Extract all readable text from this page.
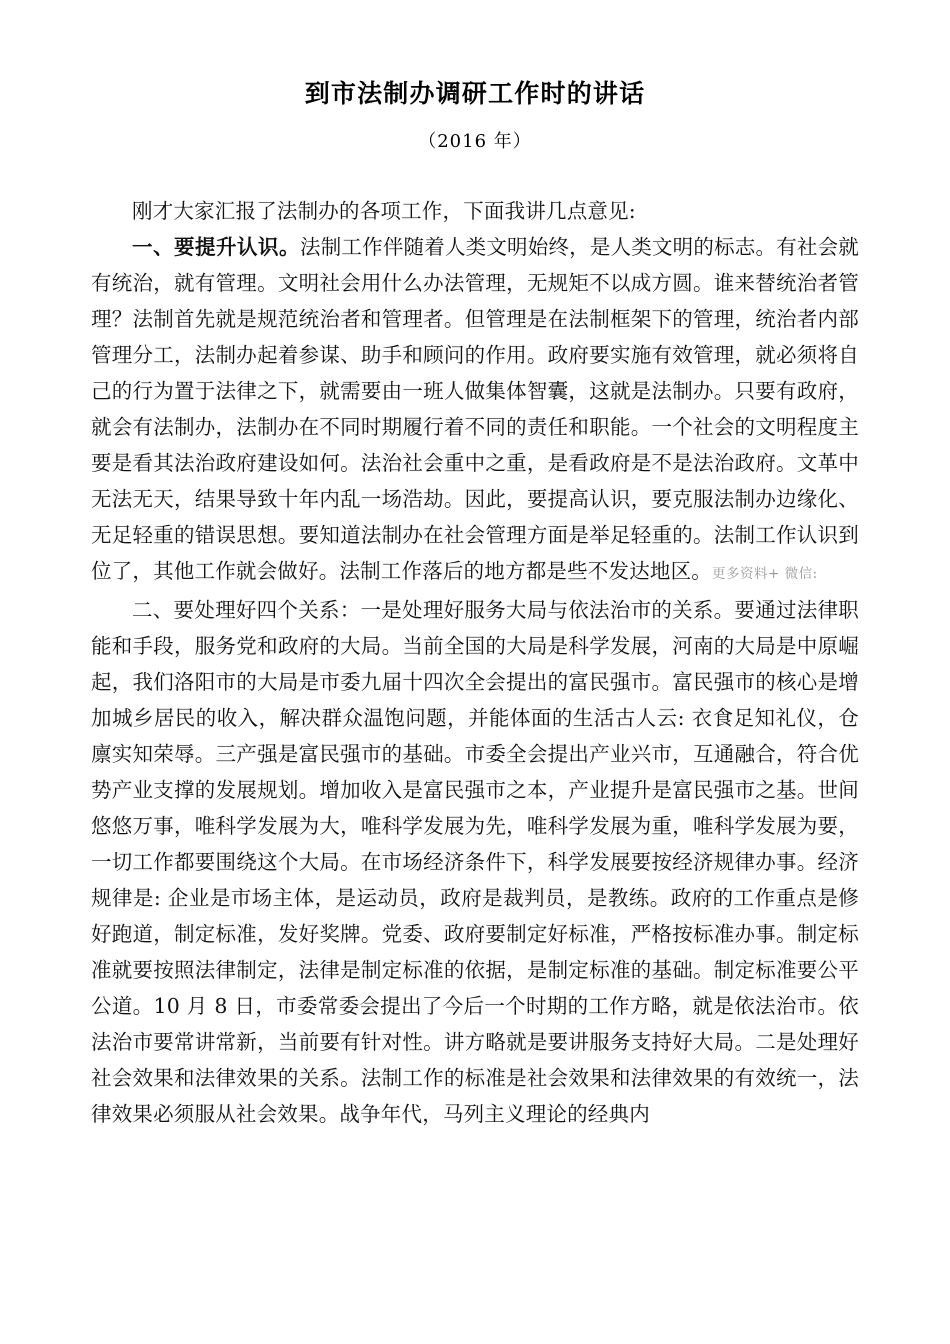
到市法制办调研工作时的讲话
（2016 年）

刚才大家汇报了法制办的各项工作，下面我讲几点意见:

一、要提升认识。法制工作伴随着人类文明始终，是人类文明的标志。有社会就有统治，就有管理。文明社会用什么办法管理，无规矩不以成方圆。谁来替统治者管理？法制首先就是规范统治者和管理者。但管理是在法制框架下的管理，统治者内部管理分工，法制办起着参谋、助手和顾问的作用。政府要实施有效管理，就必须将自己的行为置于法律之下，就需要由一班人做集体智囊，这就是法制办。只要有政府，就会有法制办，法制办在不同时期履行着不同的责任和职能。一个社会的文明程度主要是看其法治政府建设如何。法治社会重中之重，是看政府是不是法治政府。文革中无法无天，结果导致十年内乱一场浩劫。因此，要提高认识，要克服法制办边缘化、无足轻重的错误思想。要知道法制办在社会管理方面是举足轻重的。法制工作认识到位了，其他工作就会做好。法制工作落后的地方都是些不发达地区。更多资料+ 微信:

二、要处理好四个关系：一是处理好服务大局与依法治市的关系。要通过法律职能和手段，服务党和政府的大局。当前全国的大局是科学发展，河南的大局是中原崛起，我们洛阳市的大局是市委九届十四次全会提出的富民强市。富民强市的核心是增加城乡居民的收入，解决群众温饱问题，并能体面的生活古人云: 衣食足知礼仪，仓廪实知荣辱。三产强是富民强市的基础。市委全会提出产业兴市，互通融合，符合优势产业支撑的发展规划。增加收入是富民强市之本，产业提升是富民强市之基。世间悠悠万事，唯科学发展为大，唯科学发展为先，唯科学发展为重，唯科学发展为要，一切工作都要围绕这个大局。在市场经济条件下，科学发展要按经济规律办事。经济规律是: 企业是市场主体，是运动员，政府是裁判员，是教练。政府的工作重点是修好跑道，制定标准，发好奖牌。党委、政府要制定好标准，严格按标准办事。制定标准就要按照法律制定，法律是制定标准的依据，是制定标准的基础。制定标准要公平公道。10 月 8 日，市委常委会提出了今后一个时期的工作方略，就是依法治市。依法治市要常讲常新，当前要有针对性。讲方略就是要讲服务支持好大局。二是处理好社会效果和法律效果的关系。法制工作的标准是社会效果和法律效果的有效统一，法律效果必须服从社会效果。战争年代，马列主义理论的经典内
